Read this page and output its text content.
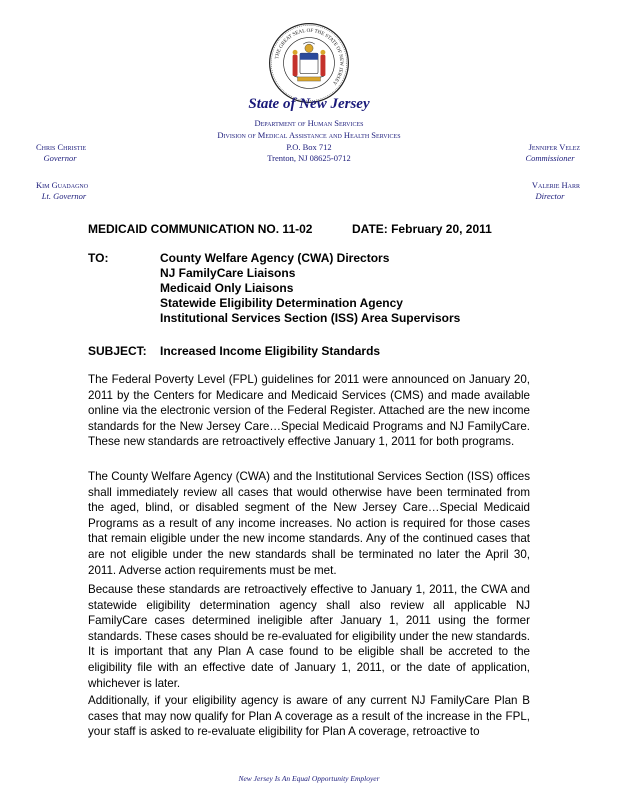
THE GREAT SEAL OF THE STATE OF NEW JERSEY
State of New Jersey
Department of Human Services
Division of Medical Assistance and Health Services
P.O. Box 712
Trenton, NJ 08625-0712
Chris Christie
Governor
Kim Guadagno
Lt. Governor
Jennifer Velez
Commissioner
Valerie Harr
Director
MEDICAID COMMUNICATION NO. 11-02	DATE: February 20, 2011
TO:	County Welfare Agency (CWA) Directors
NJ FamilyCare Liaisons
Medicaid Only Liaisons
Statewide Eligibility Determination Agency
Institutional Services Section (ISS) Area Supervisors
SUBJECT: Increased Income Eligibility Standards

The Federal Poverty Level (FPL) guidelines for 2011 were announced on January 20, 2011 by the Centers for Medicare and Medicaid Services (CMS) and made available online via the electronic version of the Federal Register. Attached are the new income standards for the New Jersey Care…Special Medicaid Programs and NJ FamilyCare. These new standards are retroactively effective January 1, 2011 for both programs.

The County Welfare Agency (CWA) and the Institutional Services Section (ISS) offices shall immediately review all cases that would otherwise have been terminated from the aged, blind, or disabled segment of the New Jersey Care…Special Medicaid Programs as a result of any income increases. No action is required for those cases that remain eligible under the new income standards. Any of the continued cases that are not eligible under the new standards shall be terminated no later the April 30, 2011. Adverse action requirements must be met.

Because these standards are retroactively effective to January 1, 2011, the CWA and statewide eligibility determination agency shall also review all applicable NJ FamilyCare cases determined ineligible after January 1, 2011 using the former standards. These cases should be re-evaluated for eligibility under the new standards. It is important that any Plan A case found to be eligible shall be accreted to the eligibility file with an effective date of January 1, 2011, or the date of application, whichever is later.

Additionally, if your eligibility agency is aware of any current NJ FamilyCare Plan B cases that may now qualify for Plan A coverage as a result of the increase in the FPL, your staff is asked to re-evaluate eligibility for Plan A coverage, retroactive to

New Jersey Is An Equal Opportunity Employer
